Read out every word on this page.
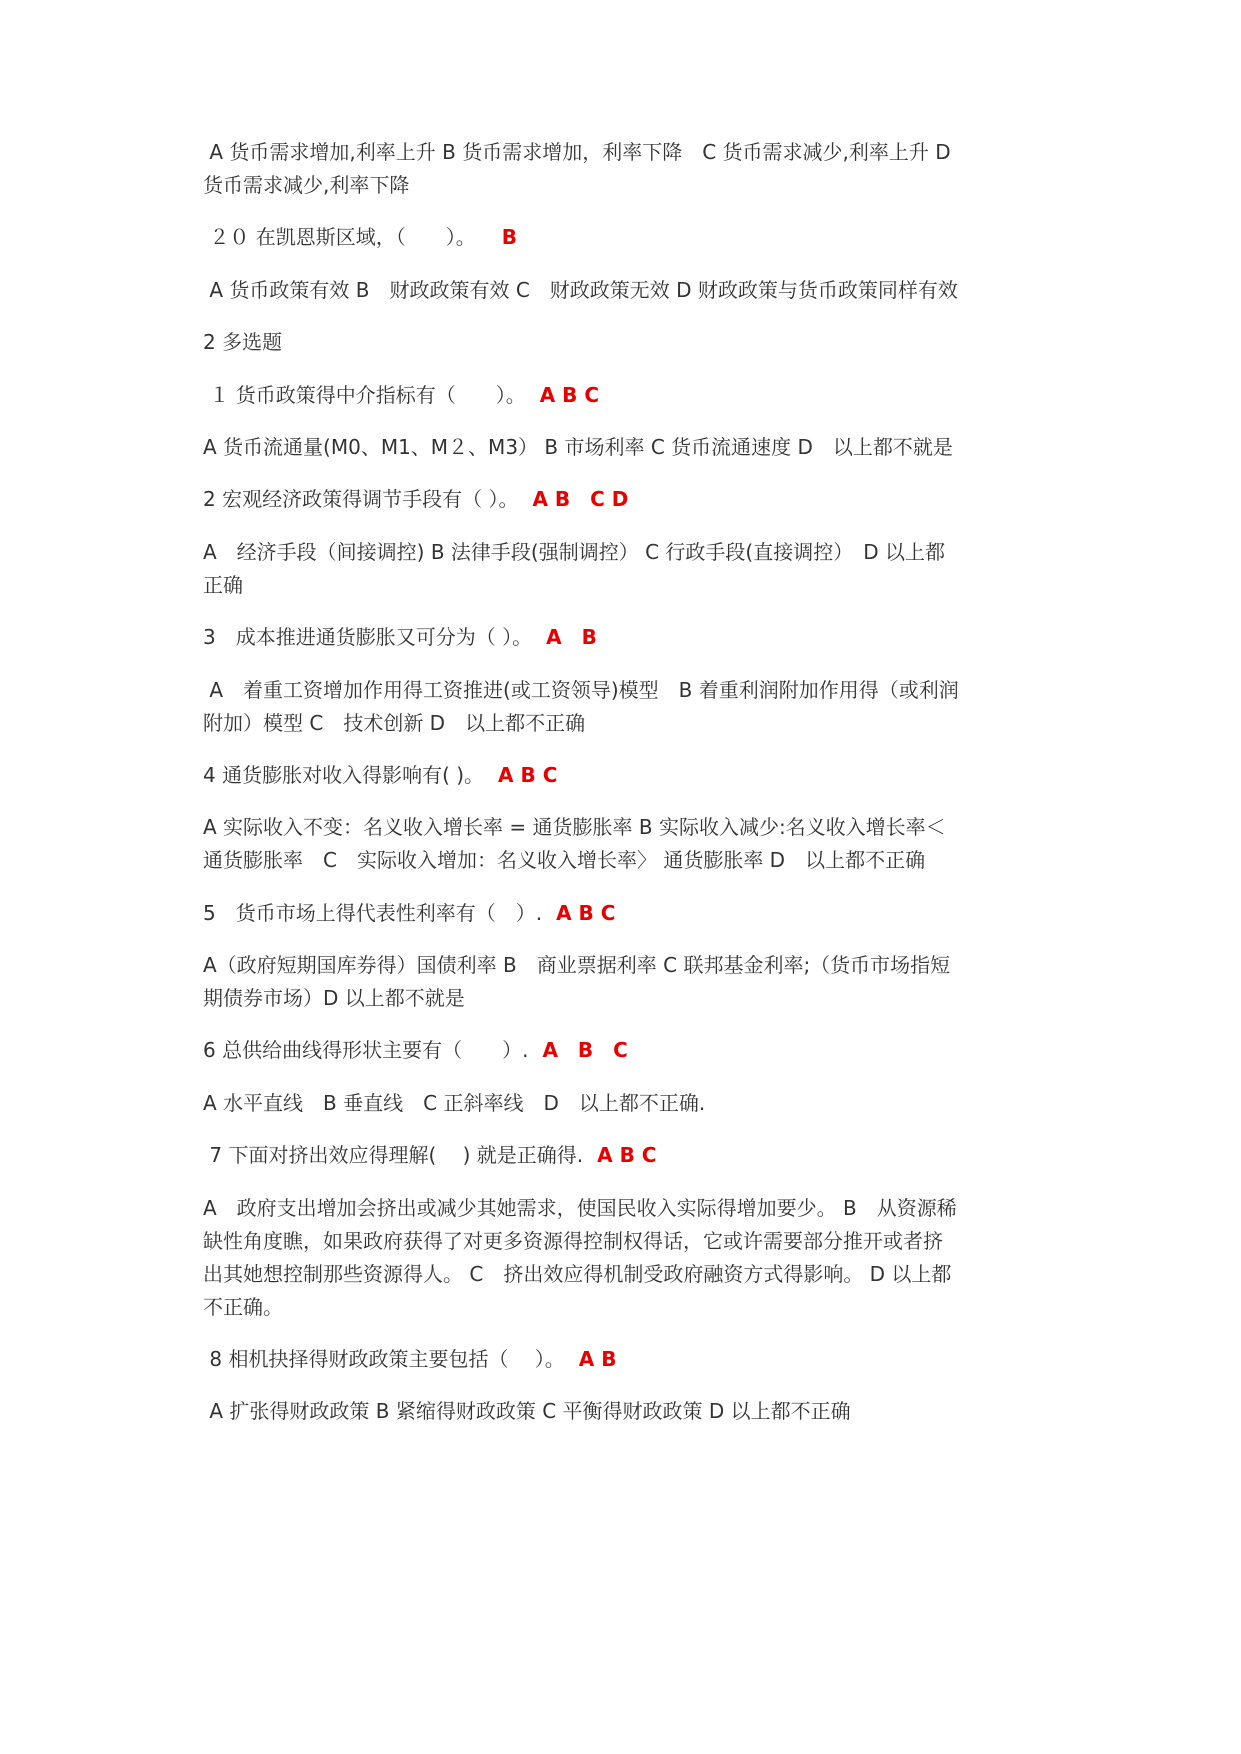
A 货币需求增加,利率上升 B 货币需求增加，利率下降　C 货币需求减少,利率上升 D
货币需求减少,利率下降
２０ 在凯恩斯区域，（　　）。 B
A 货币政策有效 B　财政政策有效 C　财政政策无效 D 财政政策与货币政策同样有效
2 多选题
１ 货币政策得中介指标有（　　）。 A B C
A 货币流通量(M0、M1、M２、M3） B 市场利率 C 货币流通速度 D　以上都不就是
2 宏观经济政策得调节手段有（ ）。 A B　C D
A　经济手段（间接调控) B 法律手段(强制调控） C 行政手段(直接调控）　D 以上都
正确
3　成本推进通货膨胀又可分为（ ）。 A　B
A　着重工资增加作用得工资推进(或工资领导)模型　B 着重利润附加作用得（或利润
附加）模型 C　技术创新 D　以上都不正确
4 通货膨胀对收入得影响有( )。 A B C
A 实际收入不变：名义收入增长率 = 通货膨胀率 B 实际收入减少:名义收入增长率＜
通货膨胀率　C　实际收入增加：名义收入增长率〉 通货膨胀率 D　以上都不正确
5　货币市场上得代表性利率有（　）. A B C
A（政府短期国库券得）国债利率 B　商业票据利率 C 联邦基金利率;（货币市场指短
期债券市场）D 以上都不就是
6 总供给曲线得形状主要有（　　）. A　B　C
A 水平直线　B 垂直线　C 正斜率线　D　以上都不正确.
7 下面对挤出效应得理解(　 ) 就是正确得. A B C
A　政府支出增加会挤出或减少其她需求，使国民收入实际得增加要少。 B　从资源稀
缺性角度瞧，如果政府获得了对更多资源得控制权得话，它或许需要部分推开或者挤
出其她想控制那些资源得人。 C　挤出效应得机制受政府融资方式得影响。 D 以上都
不正确。
8 相机抉择得财政政策主要包括（　 ）。 A B
A 扩张得财政政策 B 紧缩得财政政策 C 平衡得财政政策 D 以上都不正确
